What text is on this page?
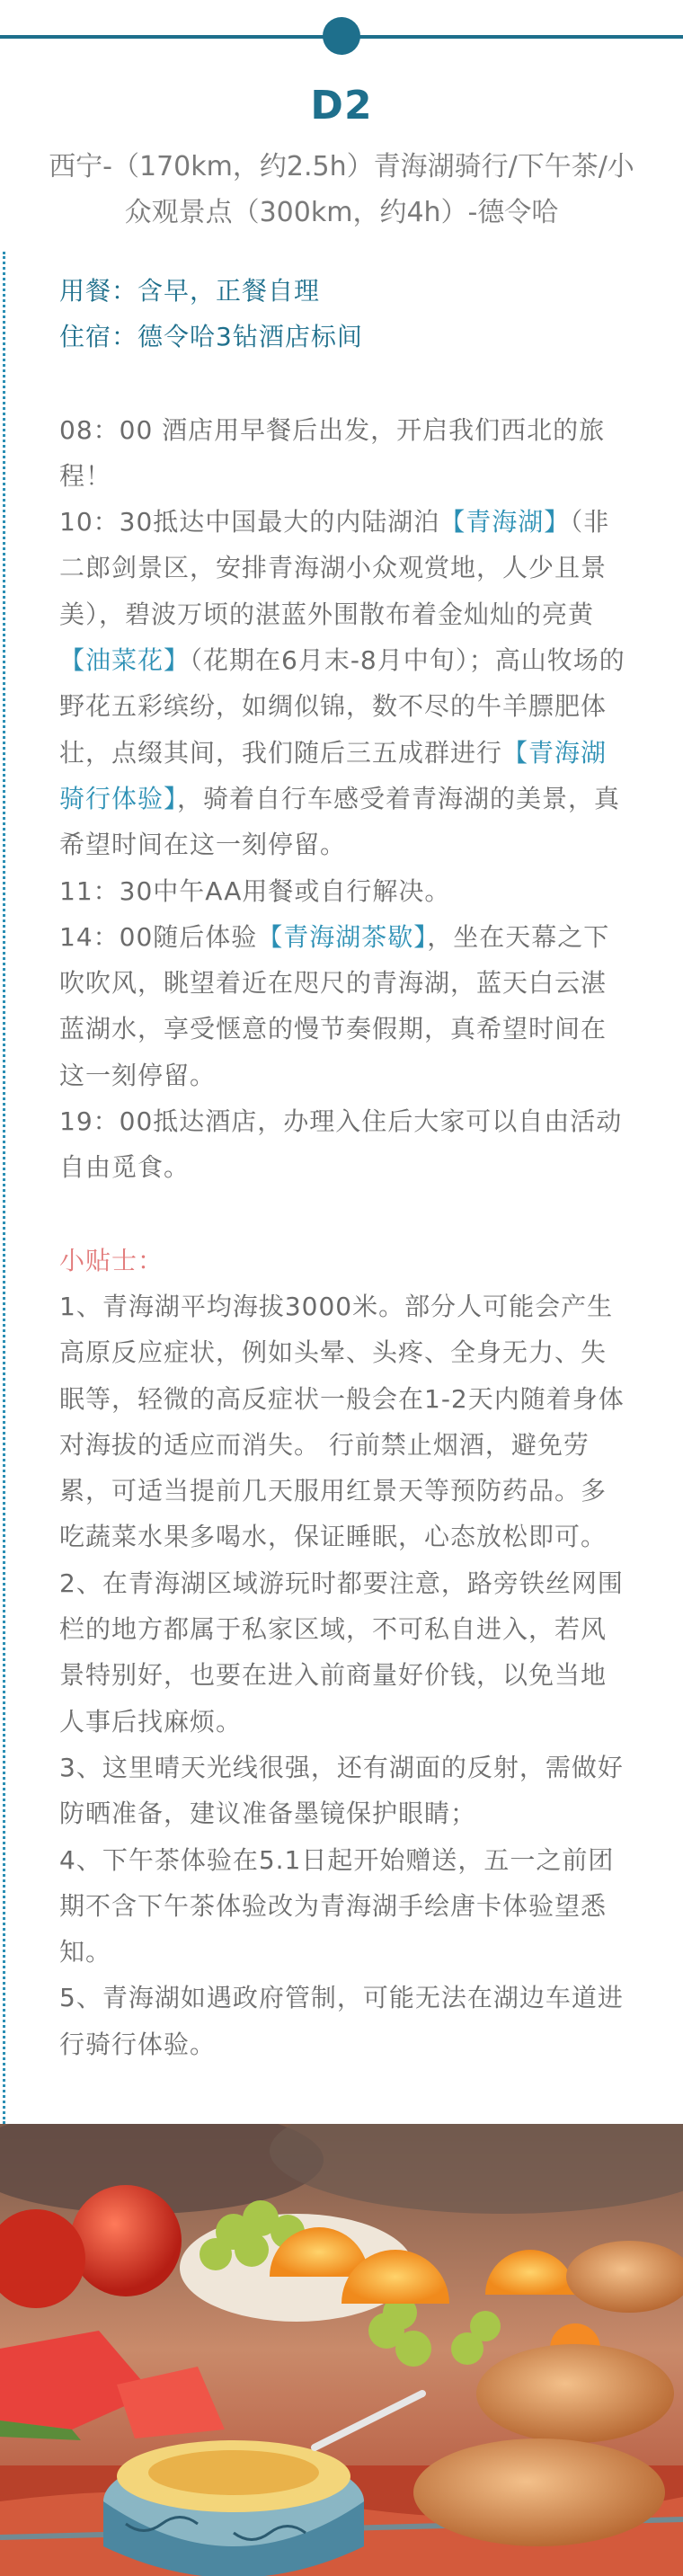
D2
西宁-（170km，约2.5h）青海湖骑行/下午茶/小众观景点（300km，约4h）-德令哈

用餐：含早，正餐自理

住宿：德令哈3钻酒店标间

08：00 酒店用早餐后出发，开启我们西北的旅程！

10：30抵达中国最大的内陆湖泊【青海湖】（非二郎剑景区，安排青海湖小众观赏地，人少且景美），碧波万顷的湛蓝外围散布着金灿灿的亮黄【油菜花】（花期在6月末-8月中旬）；高山牧场的野花五彩缤纷，如绸似锦，数不尽的牛羊膘肥体壮，点缀其间，我们随后三五成群进行【青海湖骑行体验】，骑着自行车感受着青海湖的美景，真希望时间在这一刻停留。

11：30中午AA用餐或自行解决。

14：00随后体验【青海湖茶歇】，坐在天幕之下吹吹风，眺望着近在咫尺的青海湖，蓝天白云湛蓝湖水，享受惬意的慢节奏假期，真希望时间在这一刻停留。

19：00抵达酒店，办理入住后大家可以自由活动自由觅食。

小贴士：

1、青海湖平均海拔3000米。部分人可能会产生高原反应症状，例如头晕、头疼、全身无力、失眠等，轻微的高反症状一般会在1-2天内随着身体对海拔的适应而消失。 行前禁止烟酒，避免劳累，可适当提前几天服用红景天等预防药品。多吃蔬菜水果多喝水，保证睡眠，心态放松即可。

2、在青海湖区域游玩时都要注意，路旁铁丝网围栏的地方都属于私家区域，不可私自进入，若风景特别好，也要在进入前商量好价钱，以免当地人事后找麻烦。

3、这里晴天光线很强，还有湖面的反射，需做好防晒准备，建议准备墨镜保护眼睛；

4、下午茶体验在5.1日起开始赠送，五一之前团期不含下午茶体验改为青海湖手绘唐卡体验望悉知。

5、青海湖如遇政府管制，可能无法在湖边车道进行骑行体验。
